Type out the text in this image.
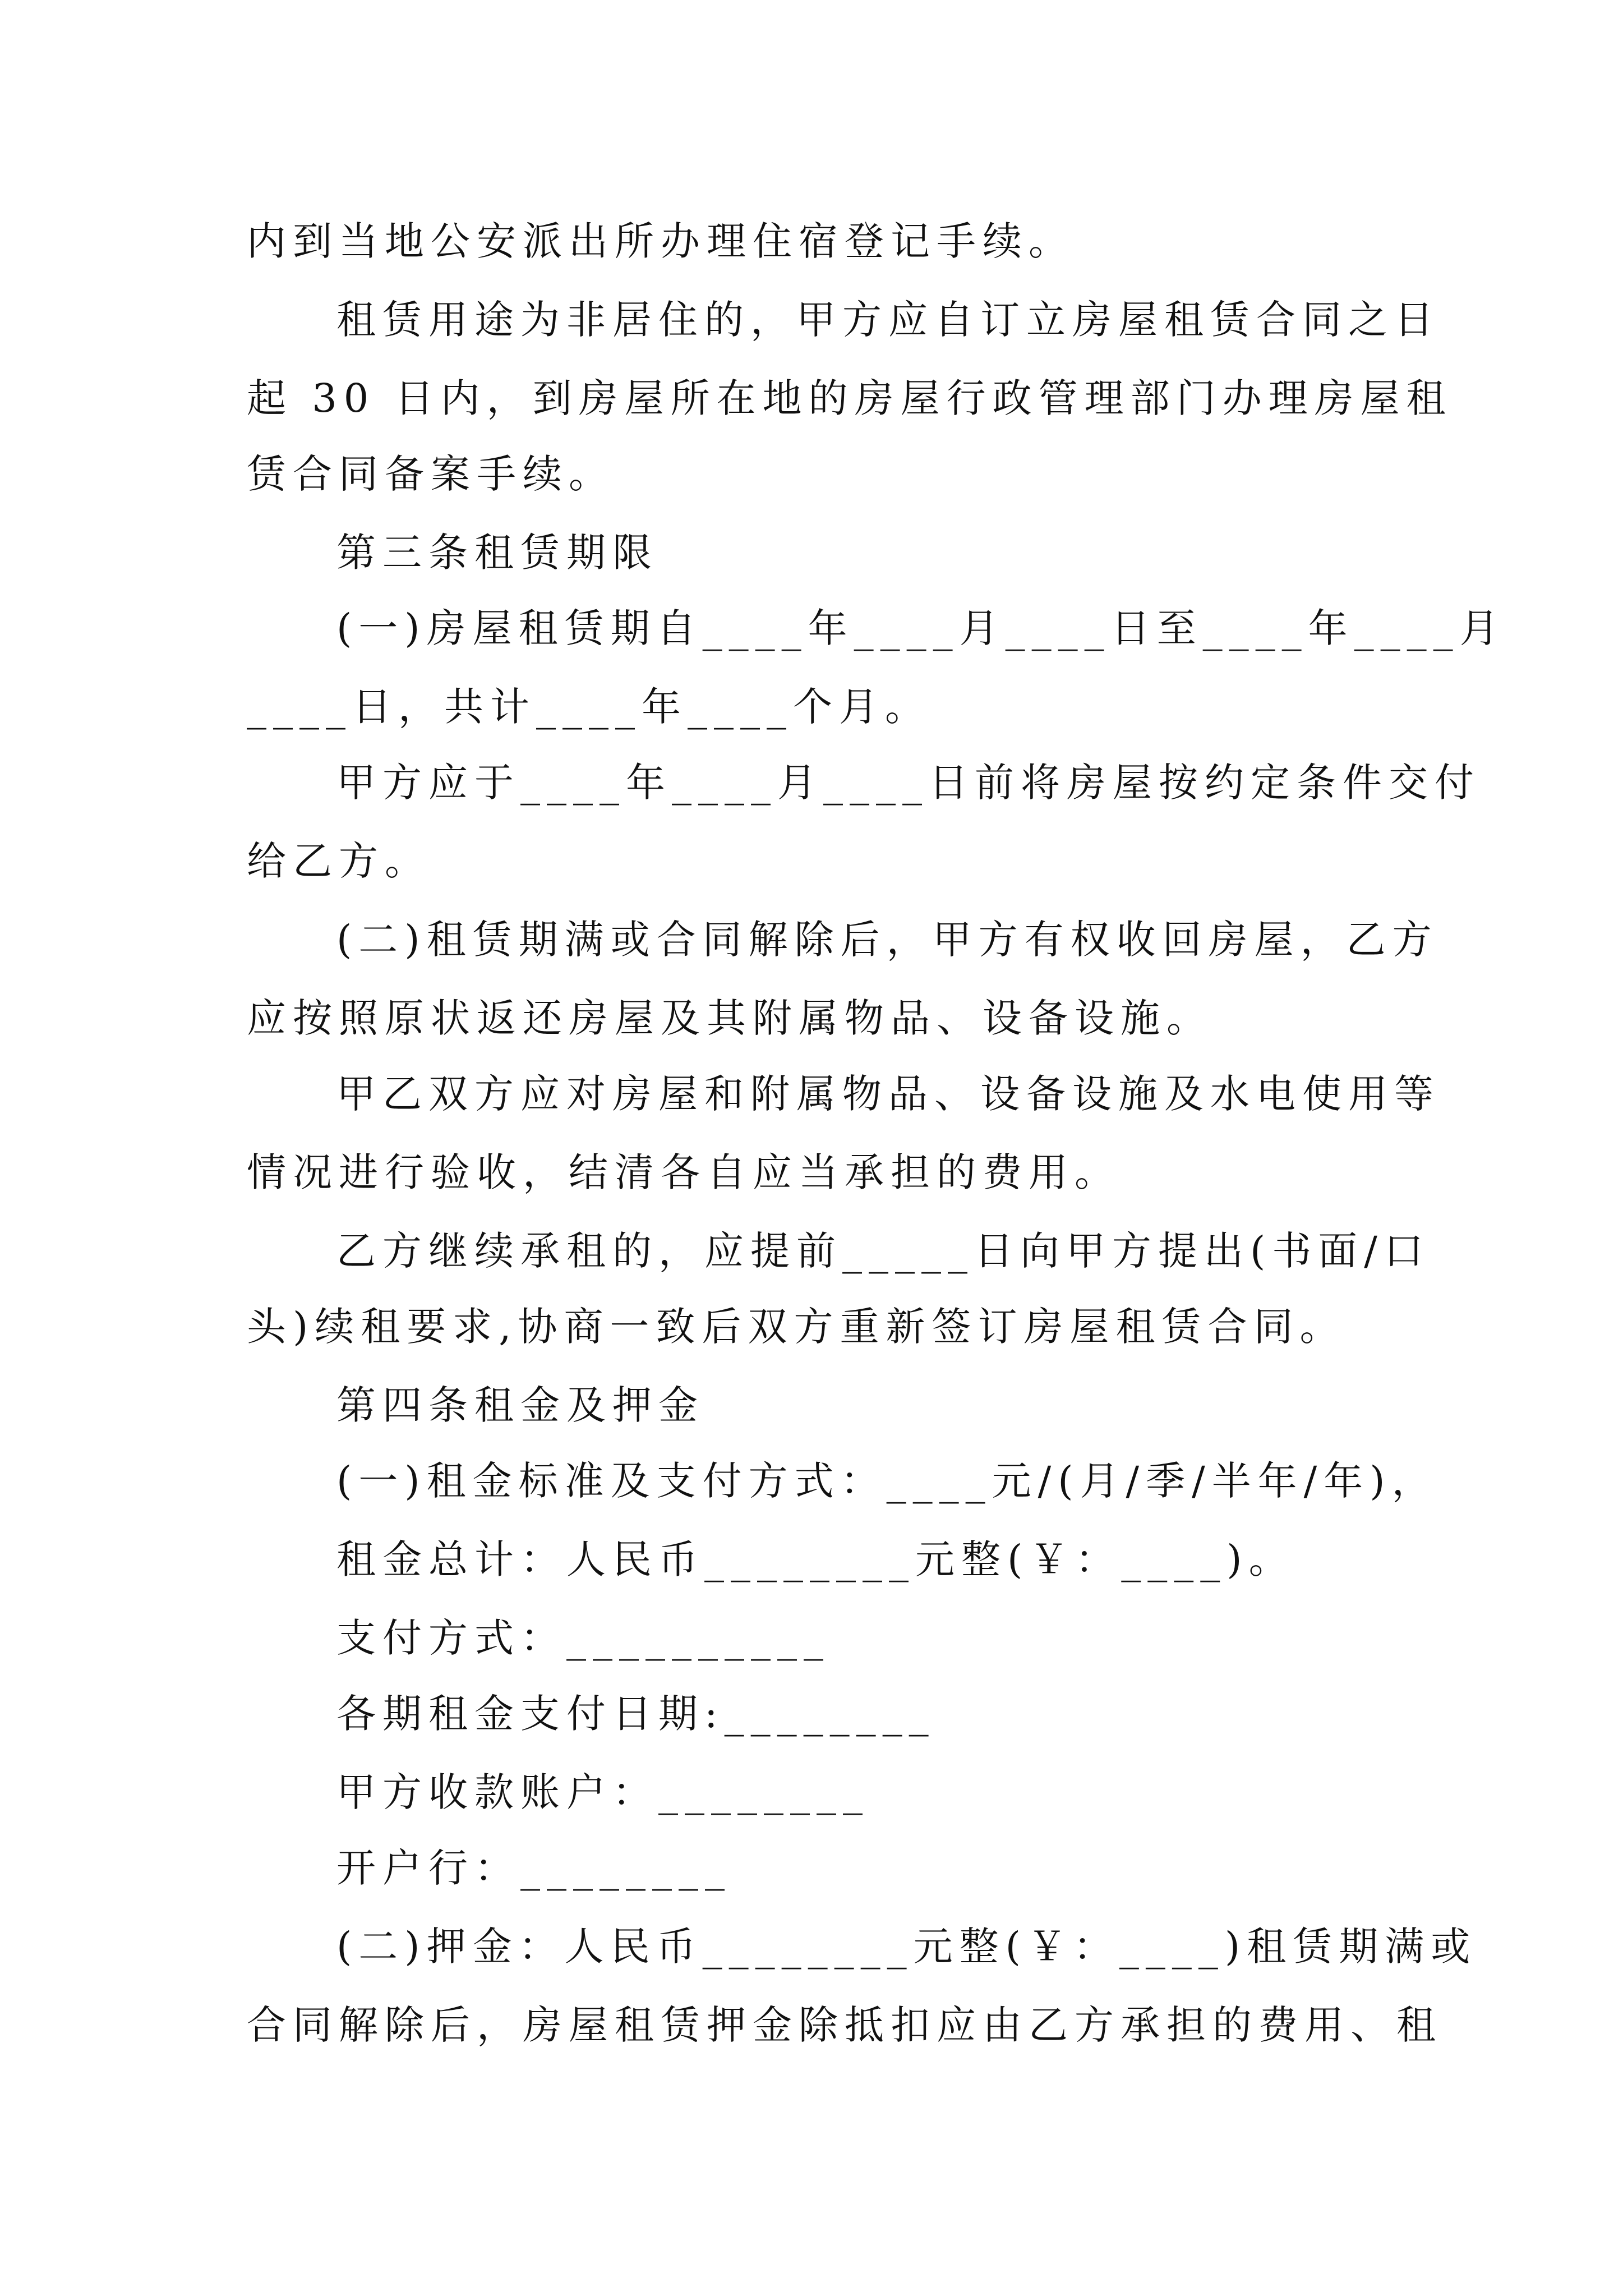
内到当地公安派出所办理住宿登记手续。
租赁用途为非居住的，甲方应自订立房屋租赁合同之日
起 30 日内，到房屋所在地的房屋行政管理部门办理房屋租
赁合同备案手续。
第三条租赁期限
(一)房屋租赁期自____年____月____日至____年____月
____日，共计____年____个月。
甲方应于____年____月____日前将房屋按约定条件交付
给乙方。
(二)租赁期满或合同解除后，甲方有权收回房屋，乙方
应按照原状返还房屋及其附属物品、设备设施。
甲乙双方应对房屋和附属物品、设备设施及水电使用等
情况进行验收，结清各自应当承担的费用。
乙方继续承租的，应提前_____日向甲方提出(书面/口
头)续租要求,协商一致后双方重新签订房屋租赁合同。
第四条租金及押金
(一)租金标准及支付方式：____元/(月/季/半年/年)，
租金总计：人民币________元整(￥：____)。
支付方式：__________
各期租金支付日期:________
甲方收款账户：________
开户行：________
(二)押金：人民币________元整(￥：____)租赁期满或
合同解除后，房屋租赁押金除抵扣应由乙方承担的费用、租
